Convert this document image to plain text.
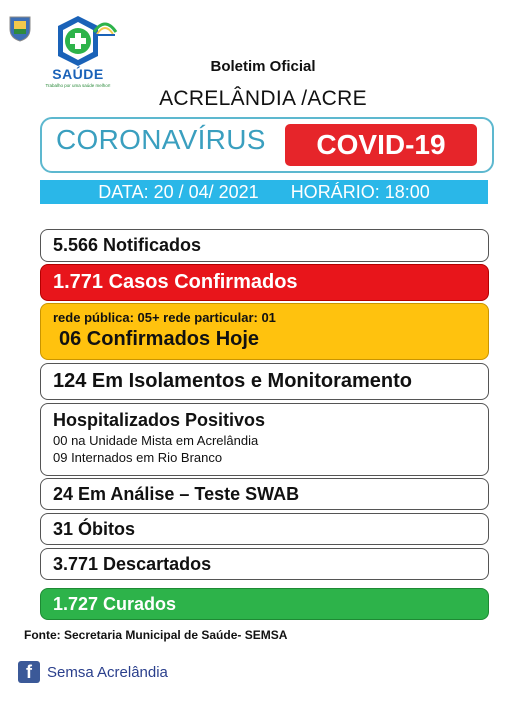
SAÚDE
Trabalho por uma saúde melhor!
Boletim Oficial
ACRELÂNDIA /ACRE
CORONAVÍRUS	COVID-19
DATA: 20 / 04/ 2021 HORÁRIO: 18:00
5.566 Notificados
1.771 Casos Confirmados
rede pública: 05+ rede particular: 01
06 Confirmados Hoje
124 Em Isolamentos e Monitoramento
Hospitalizados Positivos
00 na Unidade Mista em Acrelândia
09 Internados em Rio Branco
24 Em Análise – Teste SWAB
31 Óbitos
3.771 Descartados
1.727 Curados
Fonte: Secretaria Municipal de Saúde- SEMSA
f	Semsa Acrelândia
